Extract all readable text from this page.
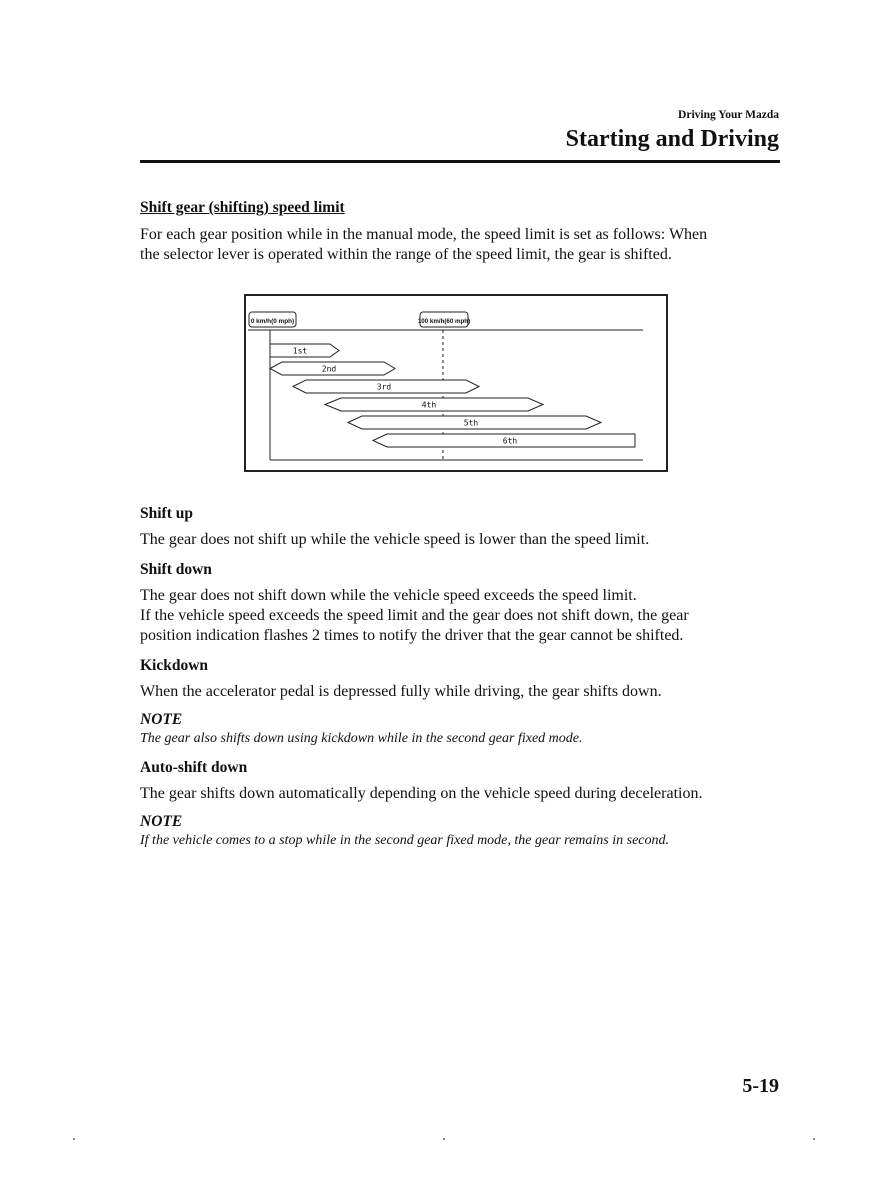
Driving Your Mazda
Starting and Driving
Shift gear (shifting) speed limit
For each gear position while in the manual mode, the speed limit is set as follows: When
the selector lever is operated within the range of the speed limit, the gear is shifted.
0 km/h(0 mph)	100 km/h(60 mph)
1st
2nd
3rd
4th
5th
6th
Shift up
The gear does not shift up while the vehicle speed is lower than the speed limit.
Shift down
The gear does not shift down while the vehicle speed exceeds the speed limit.
If the vehicle speed exceeds the speed limit and the gear does not shift down, the gear
position indication flashes 2 times to notify the driver that the gear cannot be shifted.
Kickdown
When the accelerator pedal is depressed fully while driving, the gear shifts down.
NOTE
The gear also shifts down using kickdown while in the second gear fixed mode.
Auto-shift down
The gear shifts down automatically depending on the vehicle speed during deceleration.
NOTE
If the vehicle comes to a stop while in the second gear fixed mode, the gear remains in second.
5-19
